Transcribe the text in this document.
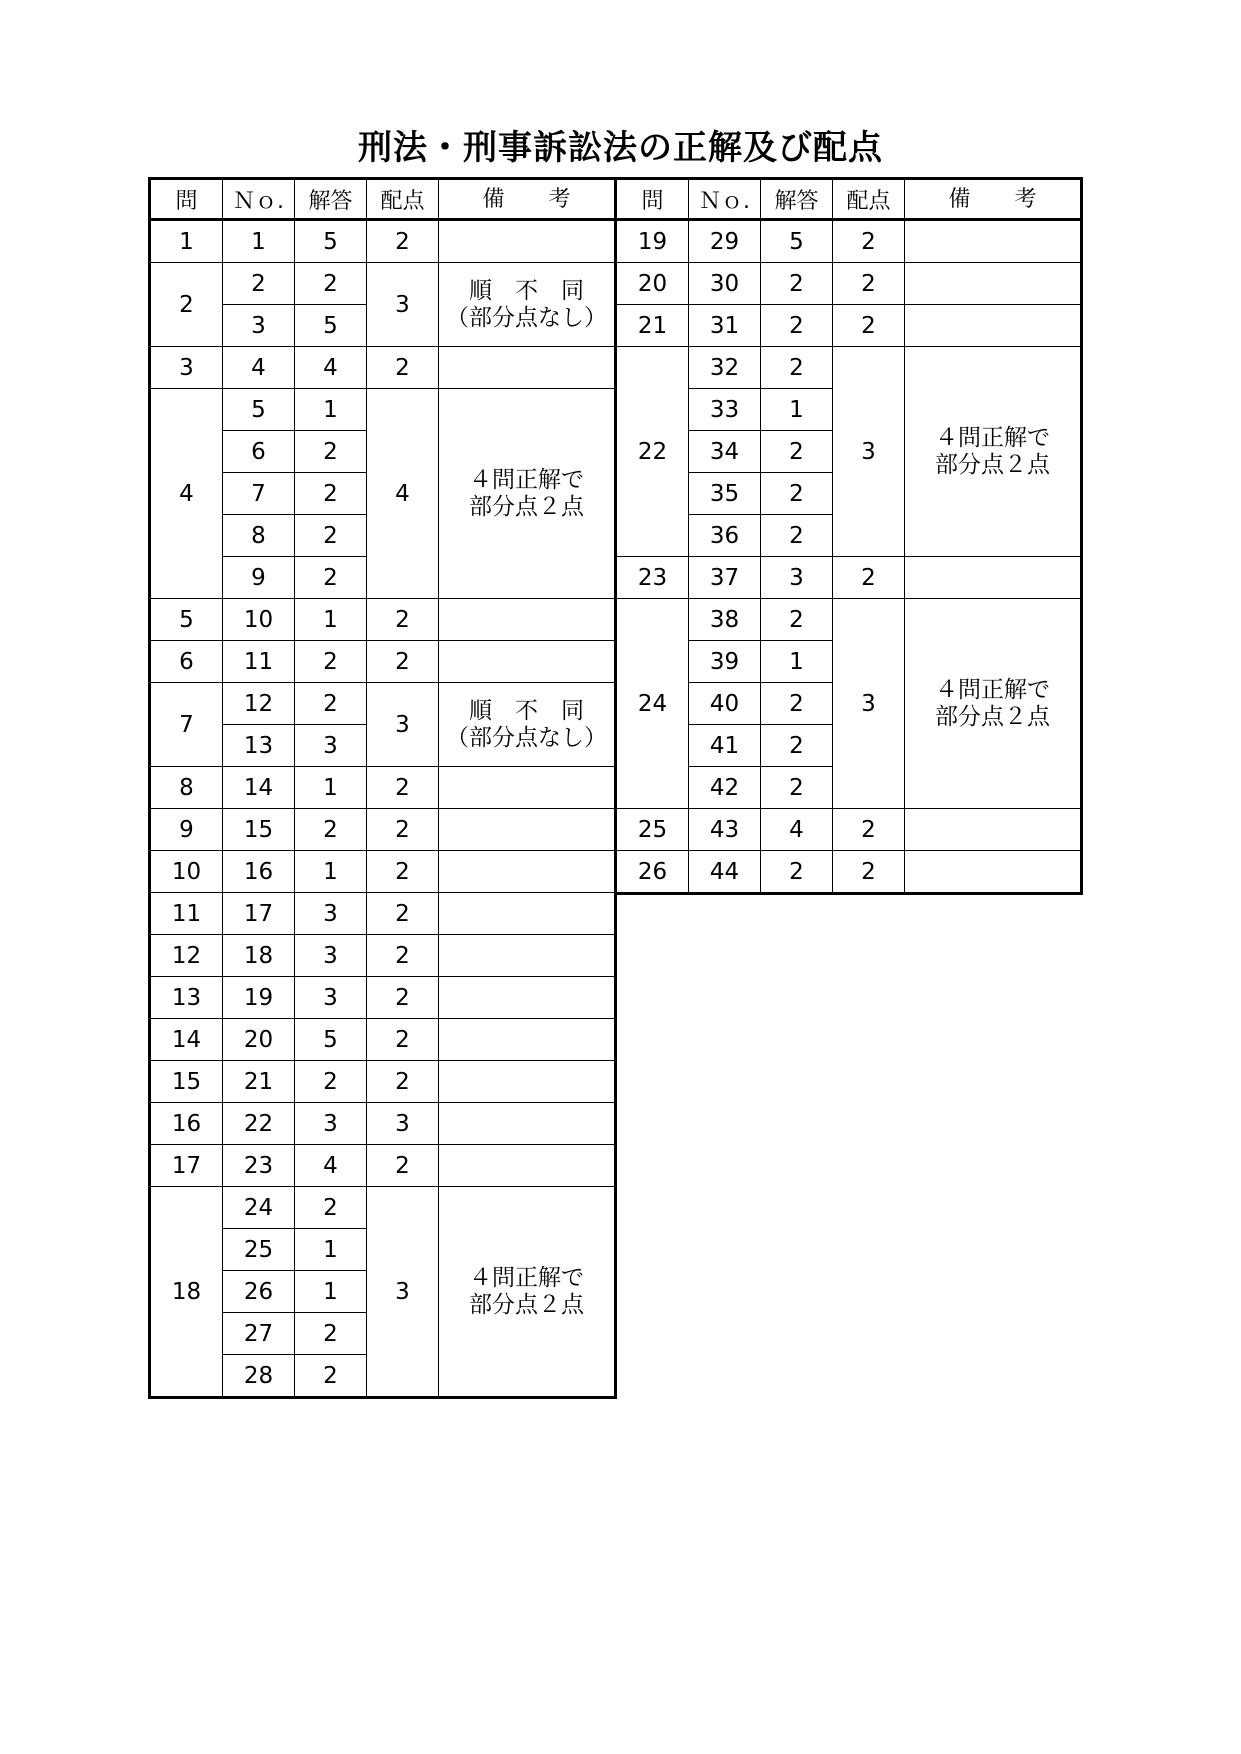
刑法・刑事訴訟法の正解及び配点
問	Ｎｏ.	解答	配点	備　　考
1	1	5	2	
2	2	2	3	順　不　同
（部分点なし）

	3	5		
3	4	4	2	
4	5	1	4	４問正解で
部分点２点

	6	2		
	7	2		
	8	2		
	9	2		
5	10	1	2	
6	11	2	2	
7	12	2	3	順　不　同
（部分点なし）

	13	3		
8	14	1	2	
9	15	2	2	
10	16	1	2	
11	17	3	2	
12	18	3	2	
13	19	3	2	
14	20	5	2	
15	21	2	2	
16	22	3	3	
17	23	4	2	
18	24	2	3	４問正解で
部分点２点

	25	1		
	26	1		
	27	2		
	28	2		
問	Ｎｏ.	解答	配点	備　　考
19	29	5	2	
20	30	2	2	
21	31	2	2	
22	32	2	3	４問正解で
部分点２点

	33	1		
	34	2		
	35	2		
	36	2		
23	37	3	2	
24	38	2	3	４問正解で
部分点２点

	39	1		
	40	2		
	41	2		
	42	2		
25	43	4	2	
26	44	2	2	
